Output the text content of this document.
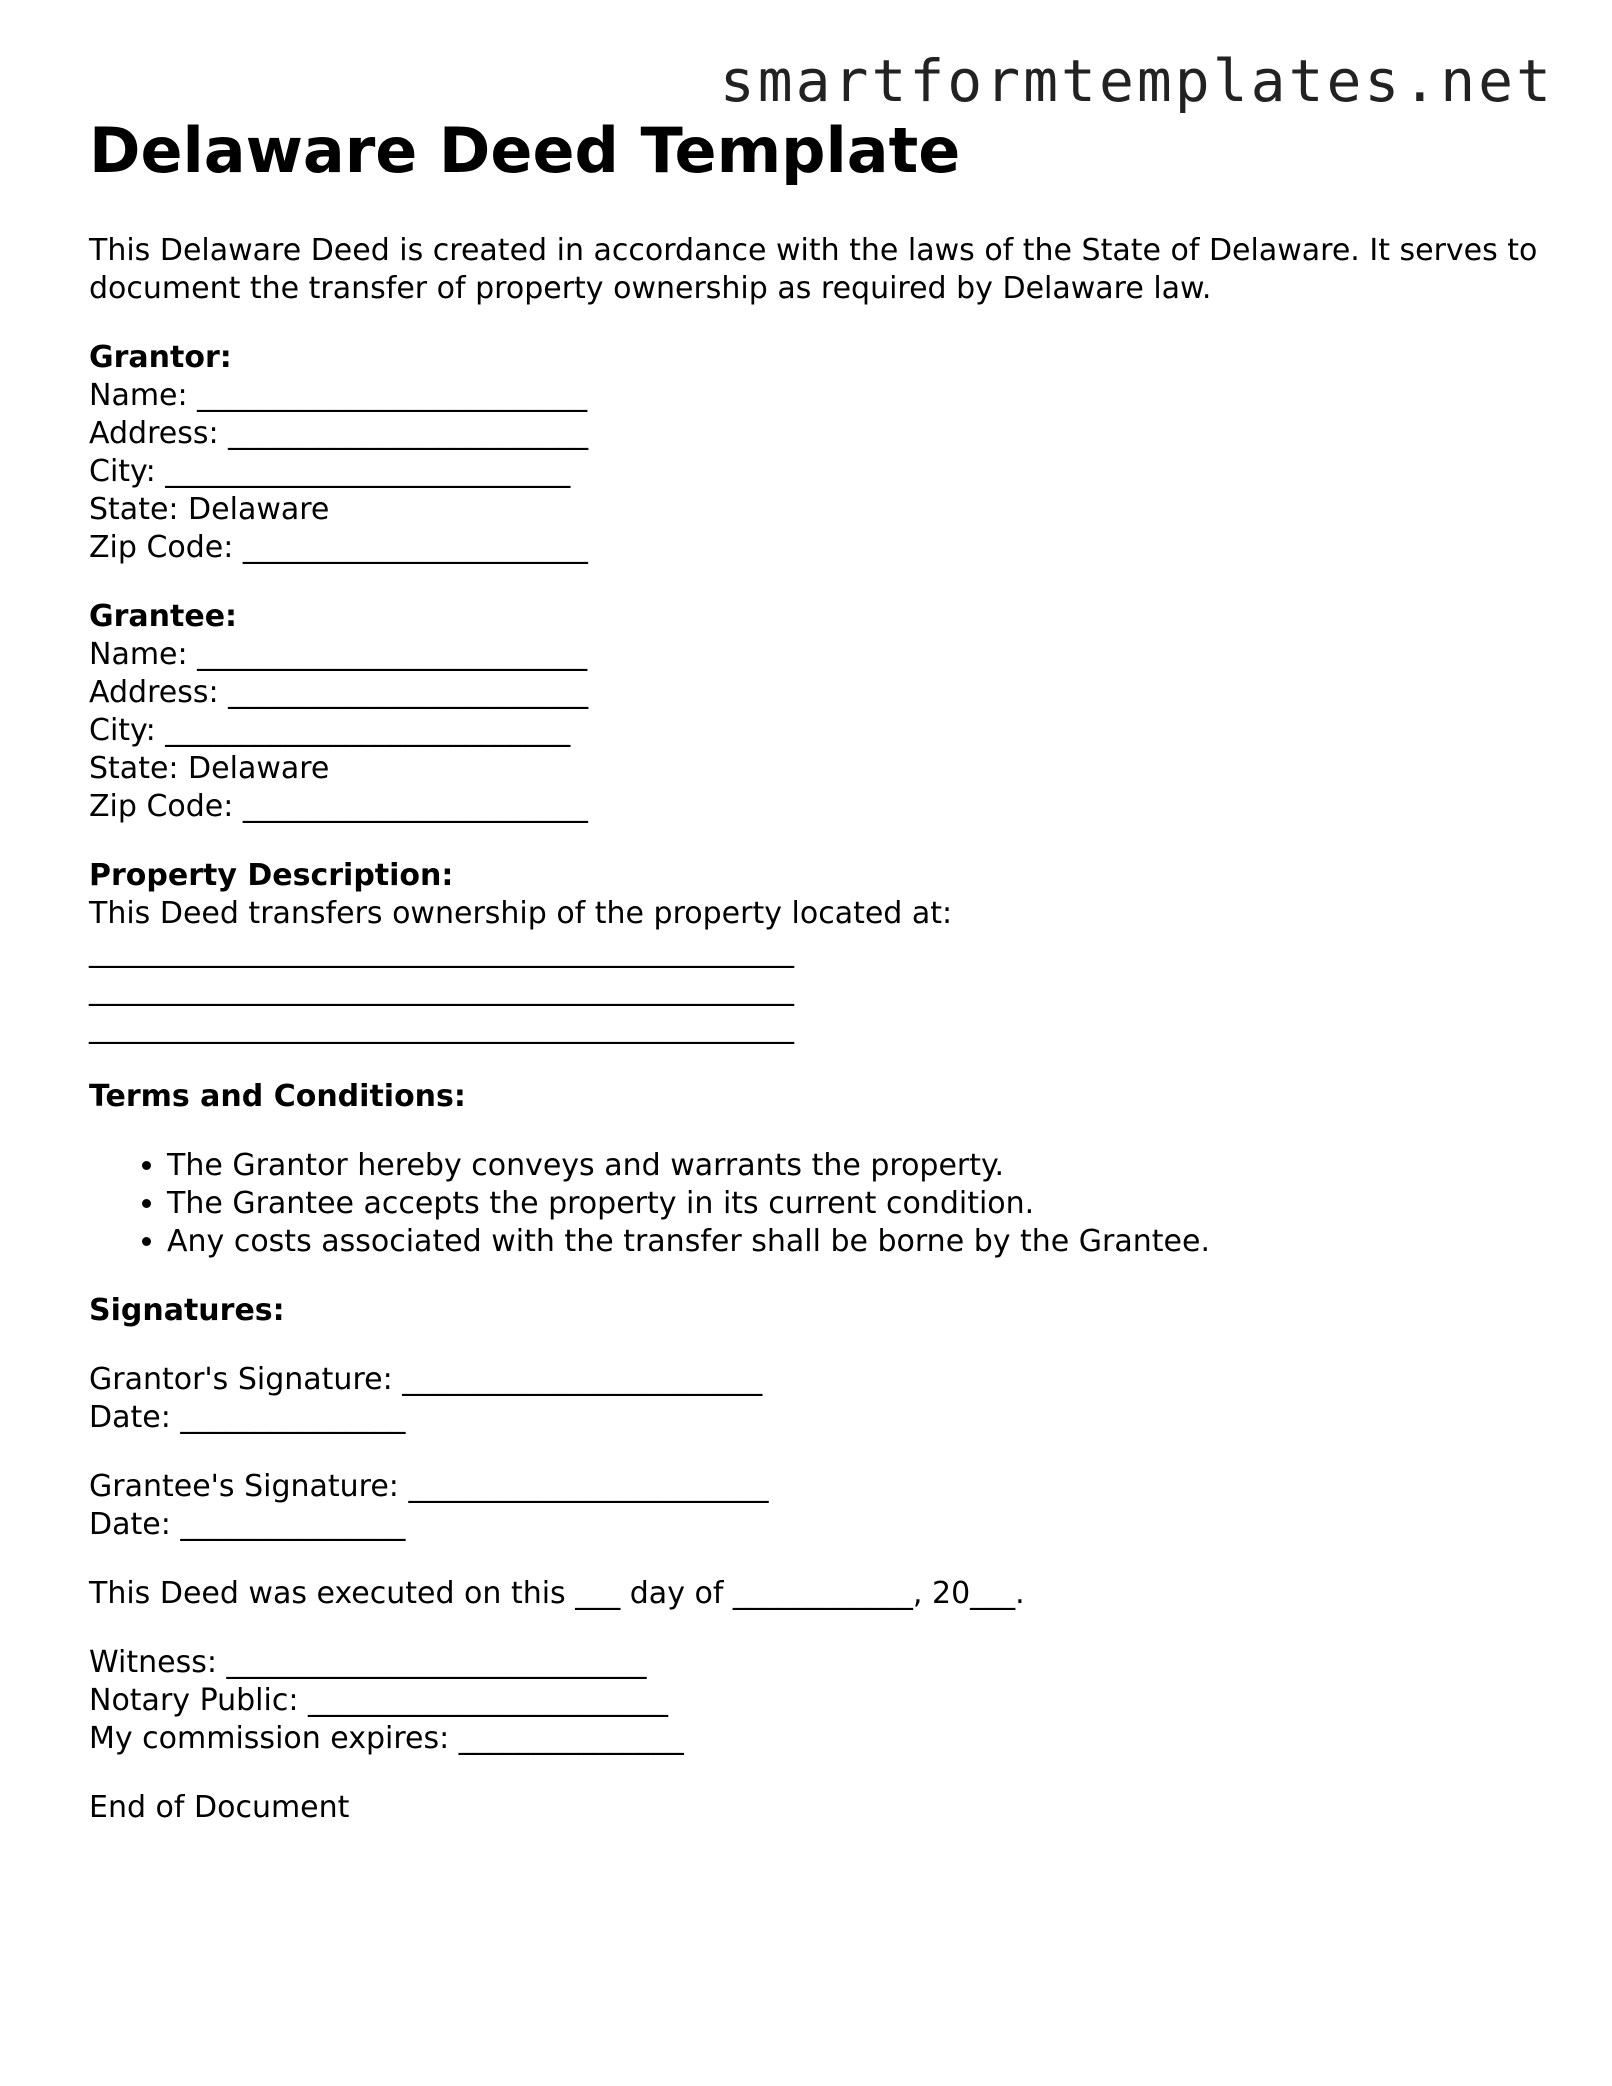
smartformtemplates.net

Delaware Deed Template

This Delaware Deed is created in accordance with the laws of the State of Delaware. It serves to document the transfer of property ownership as required by Delaware law.

Grantor:
Name: __________________________
Address: ________________________
City: ___________________________
State: Delaware
Zip Code: _______________________
Grantee:
Name: __________________________
Address: ________________________
City: ___________________________
State: Delaware
Zip Code: _______________________
Property Description:
This Deed transfers ownership of the property located at:
_______________________________________________
_______________________________________________
_______________________________________________
Terms and Conditions:
• The Grantor hereby conveys and warrants the property.
• The Grantee accepts the property in its current condition.
• Any costs associated with the transfer shall be borne by the Grantee.
Signatures:
Grantor's Signature: ________________________
Date: _______________
Grantee's Signature: ________________________
Date: _______________

This Deed was executed on this ___ day of ____________, 20___.

Witness: ____________________________
Notary Public: ________________________
My commission expires: _______________

End of Document
